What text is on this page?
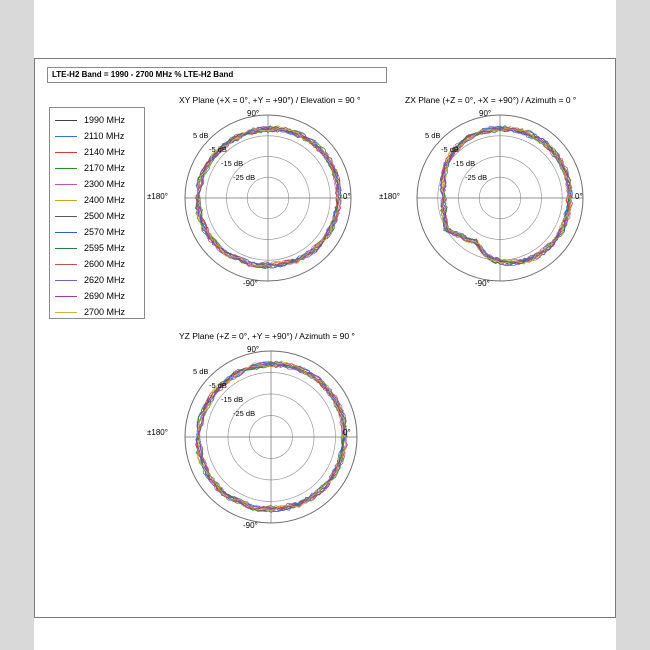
LTE-H2 Band = 1990 - 2700 MHz % LTE-H2 Band
1990 MHz
2110 MHz
2140 MHz
2170 MHz
2300 MHz
2400 MHz
2500 MHz
2570 MHz
2595 MHz
2600 MHz
2620 MHz
2690 MHz
2700 MHz
XY Plane (+X = 0°, +Y = +90°) / Elevation = 90 °
90°
0°
-90°
±180°
5 dB
-5 dB
-15 dB
-25 dB
ZX Plane (+Z = 0°, +X = +90°) / Azimuth = 0 °
90°
0°
-90°
±180°
5 dB
-5 dB
-15 dB
-25 dB
YZ Plane (+Z = 0°, +Y = +90°) / Azimuth = 90 °
90°
0°
-90°
±180°
5 dB
-5 dB
-15 dB
-25 dB
